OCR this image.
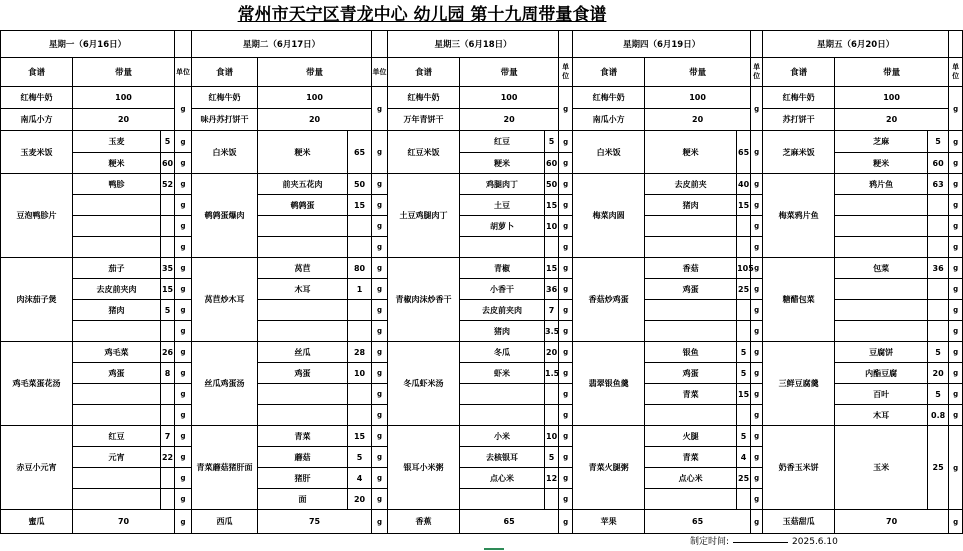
常州市天宁区青龙中心 幼儿园 第十九周带量食谱
星期一（6月16日）				星期二（6月17日）				星期三（6月18日）				星期四（6月19日）				星期五（6月20日）			
食谱	带量		单位	食谱	带量		单位	食谱	带量		单位	食谱	带量		单位	食谱	带量		单位
红梅牛奶	100		g	红梅牛奶	100		g	红梅牛奶	100		g	红梅牛奶	100		g	红梅牛奶	100		g
南瓜小方	20			味丹苏打饼干	20			万年青饼干	20			南瓜小方	20			苏打饼干	20		
玉麦米饭	玉麦	5	g	白米饭	粳米	65	g	红豆米饭	红豆	5	g	白米饭	粳米	65	g	芝麻米饭	芝麻	5	g
	粳米	60	g						粳米	60	g						粳米	60	g
豆泡鸭胗片	鸭胗	52	g	鹌鹑蛋爆肉	前夹五花肉	50	g	土豆鸡腿肉丁	鸡腿肉丁	50	g	梅菜肉圆	去皮前夹	40	g	梅菜鸦片鱼	鸦片鱼	63	g
			g		鹌鹑蛋	15	g		土豆	15	g		猪肉	15	g				g
			g				g		胡萝卜	10	g				g				g
			g				g				g				g				g
肉沫茄子煲	茄子	35	g	莴苣炒木耳	莴苣	80	g	青椒肉沫炒香干	青椒	15	g	香菇炒鸡蛋	香菇	105	g	糖醋包菜	包菜	36	g
	去皮前夹肉	15	g		木耳	1	g		小香干	36	g		鸡蛋	25	g				g
	猪肉	5	g				g		去皮前夹肉	7	g				g				g
			g				g		猪肉	3.5	g				g				g
鸡毛菜蛋花汤	鸡毛菜	26	g	丝瓜鸡蛋汤	丝瓜	28	g	冬瓜虾米汤	冬瓜	20	g	翡翠银鱼羹	银鱼	5	g	三鲜豆腐羹	豆腐饼	5	g
	鸡蛋	8	g		鸡蛋	10	g		虾米	1.5	g		鸡蛋	5	g		内酯豆腐	20	g
			g				g				g		青菜	15	g		百叶	5	g
			g				g				g				g		木耳	0.8	g
赤豆小元宵	红豆	7	g	青菜蘑菇猪肝面	青菜	15	g	银耳小米粥	小米	10	g	青菜火腿粥	火腿	5	g	奶香玉米饼	玉米	25	g
	元宵	22	g		蘑菇	5	g		去核银耳	5	g		青菜	4	g				
			g		猪肝	4	g		点心米	12	g		点心米	25	g				
			g		面	20	g				g				g				
蜜瓜	70		g	西瓜	75		g	香蕉	65		g	苹果	65		g	玉菇甜瓜	70		g
制定时间:	2025.6.10
